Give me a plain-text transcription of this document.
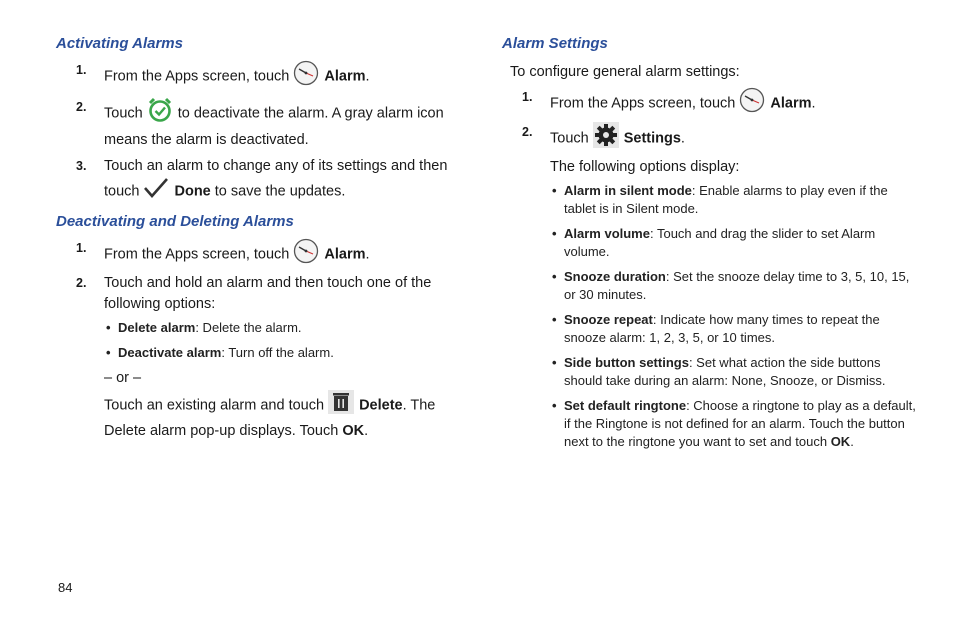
Activating Alarms
1. From the Apps screen, touch Alarm.
2. Touch to deactivate the alarm. A gray alarm icon means the alarm is deactivated.
3. Touch an alarm to change any of its settings and then touch Done to save the updates.
Deactivating and Deleting Alarms
1. From the Apps screen, touch Alarm.
2. Touch and hold an alarm and then touch one of the following options:
• Delete alarm: Delete the alarm.
• Deactivate alarm: Turn off the alarm.
– or –
Touch an existing alarm and touch Delete. The Delete alarm pop-up displays. Touch OK.
Alarm Settings
To configure general alarm settings:
1. From the Apps screen, touch Alarm.
2. Touch Settings.
The following options display:
• Alarm in silent mode: Enable alarms to play even if the tablet is in Silent mode.
• Alarm volume: Touch and drag the slider to set Alarm volume.
• Snooze duration: Set the snooze delay time to 3, 5, 10, 15, or 30 minutes.
• Snooze repeat: Indicate how many times to repeat the snooze alarm: 1, 2, 3, 5, or 10 times.
• Side button settings: Set what action the side buttons should take during an alarm: None, Snooze, or Dismiss.
• Set default ringtone: Choose a ringtone to play as a default, if the Ringtone is not defined for an alarm. Touch the button next to the ringtone you want to set and touch OK.
84
